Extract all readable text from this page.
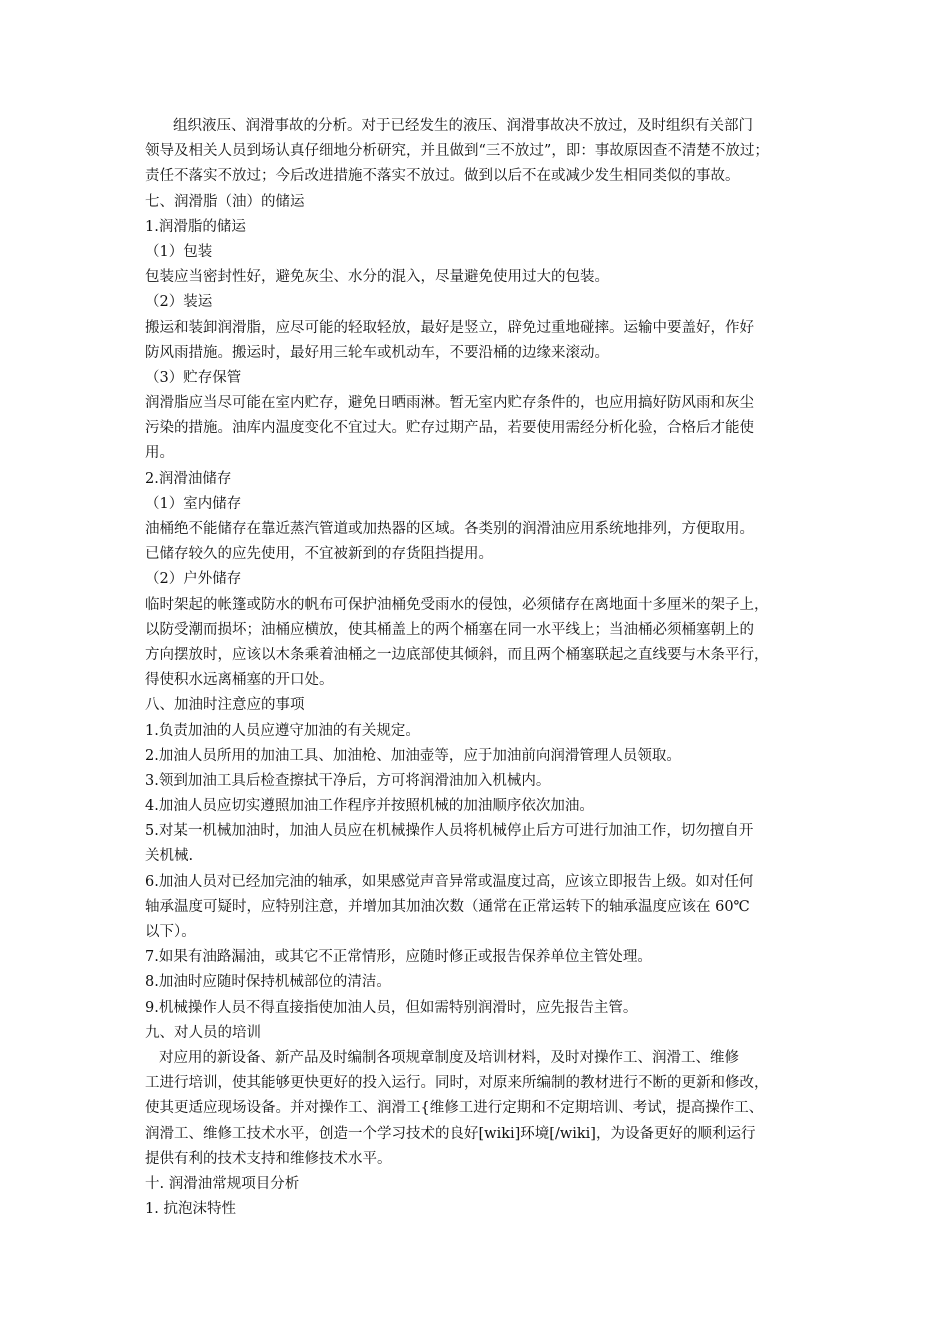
组织液压、润滑事故的分析。对于已经发生的液压、润滑事故决不放过，及时组织有关部门
领导及相关人员到场认真仔细地分析研究，并且做到“三不放过”，即：事故原因查不清楚不放过；
责任不落实不放过；今后改进措施不落实不放过。做到以后不在或减少发生相同类似的事故。
七、润滑脂（油）的储运
1.润滑脂的储运
（1）包装
包装应当密封性好，避免灰尘、水分的混入，尽量避免使用过大的包装。
（2）装运
搬运和装卸润滑脂，应尽可能的轻取轻放，最好是竖立，辟免过重地碰摔。运输中要盖好，作好
防风雨措施。搬运时，最好用三轮车或机动车，不要沿桶的边缘来滚动。
（3）贮存保管
润滑脂应当尽可能在室内贮存，避免日晒雨淋。暂无室内贮存条件的，也应用搞好防风雨和灰尘
污染的措施。油库内温度变化不宜过大。贮存过期产品，若要使用需经分析化验，合格后才能使
用。
2.润滑油储存
（1）室内储存
油桶绝不能储存在靠近蒸汽管道或加热器的区域。各类别的润滑油应用系统地排列，方便取用。
已储存较久的应先使用，不宜被新到的存货阻挡提用。
（2）户外储存
临时架起的帐篷或防水的帆布可保护油桶免受雨水的侵蚀，必须储存在离地面十多厘米的架子上，
以防受潮而损坏；油桶应横放，使其桶盖上的两个桶塞在同一水平线上；当油桶必须桶塞朝上的
方向摆放时，应该以木条乘着油桶之一边底部使其倾斜，而且两个桶塞联起之直线要与木条平行，
得使积水远离桶塞的开口处。
八、加油时注意应的事项
1.负责加油的人员应遵守加油的有关规定。
2.加油人员所用的加油工具、加油枪、加油壶等，应于加油前向润滑管理人员领取。
3.领到加油工具后检查擦拭干净后，方可将润滑油加入机械内。
4.加油人员应切实遵照加油工作程序并按照机械的加油顺序依次加油。
5.对某一机械加油时，加油人员应在机械操作人员将机械停止后方可进行加油工作，切勿擅自开
关机械.
6.加油人员对已经加完油的轴承，如果感觉声音异常或温度过高，应该立即报告上级。如对任何
轴承温度可疑时，应特别注意，并增加其加油次数（通常在正常运转下的轴承温度应该在 60℃
以下）。
7.如果有油路漏油，或其它不正常情形，应随时修正或报告保养单位主管处理。
8.加油时应随时保持机械部位的清洁。
9.机械操作人员不得直接指使加油人员，但如需特别润滑时，应先报告主管。
九、对人员的培训
对应用的新设备、新产品及时编制各项规章制度及培训材料，及时对操作工、润滑工、维修
工进行培训，使其能够更快更好的投入运行。同时，对原来所编制的教材进行不断的更新和修改，
使其更适应现场设备。并对操作工、润滑工{维修工进行定期和不定期培训、考试，提高操作工、
润滑工、维修工技术水平，创造一个学习技术的良好[wiki]环境[/wiki]，为设备更好的顺利运行
提供有利的技术支持和维修技术水平。
十. 润滑油常规项目分析
1. 抗泡沫特性
